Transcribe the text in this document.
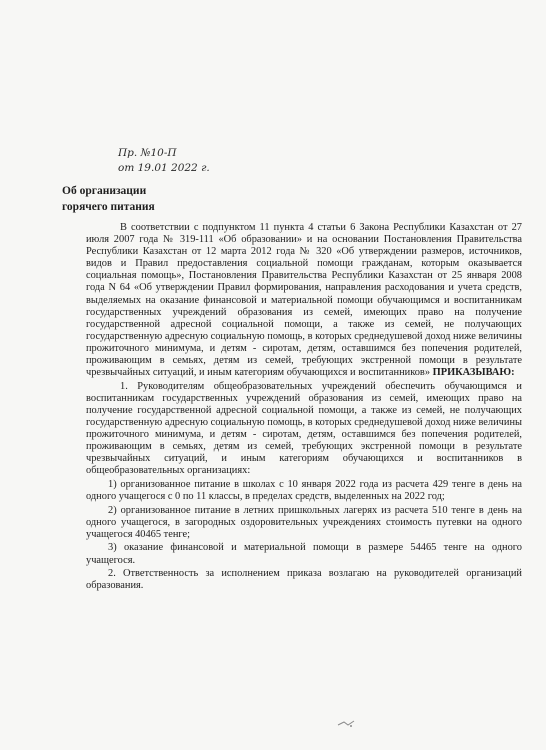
Пр. №10-П
от 19.01 2022 г.
Об организации
горячего питания

В соответствии с подпунктом 11 пункта 4 статьи 6 Закона Республики Казахстан от 27 июля 2007 года № 319-111 «Об образовании» и на основании Постановления Правительства Республики Казахстан от 12 марта 2012 года № 320 «Об утверждении размеров, источников, видов и Правил предоставления социальной помощи гражданам, которым оказывается социальная помощь», Постановления Правительства Республики Казахстан от 25 января 2008 года N 64 «Об утверждении Правил формирования, направления расходования и учета средств, выделяемых на оказание финансовой и материальной помощи обучающимся и воспитанникам государственных учреждений образования из семей, имеющих право на получение государственной адресной социальной помощи, а также из семей, не получающих государственную адресную социальную помощь, в которых среднедушевой доход ниже величины прожиточного минимума, и детям - сиротам, детям, оставшимся без попечения родителей, проживающим в семьях, детям из семей, требующих экстренной помощи в результате чрезвычайных ситуаций, и иным категориям обучающихся и воспитанников» ПРИКАЗЫВАЮ:

1. Руководителям общеобразовательных учреждений обеспечить обучающимся и воспитанникам государственных учреждений образования из семей, имеющих право на получение государственной адресной социальной помощи, а также из семей, не получающих государственную адресную социальную помощь, в которых среднедушевой доход ниже величины прожиточного минимума, и детям - сиротам, детям, оставшимся без попечения родителей, проживающим в семьях, детям из семей, требующих экстренной помощи в результате чрезвычайных ситуаций, и иным категориям обучающихся и воспитанников в общеобразовательных организациях:

1) организованное питание в школах с 10 января 2022 года из расчета 429 тенге в день на одного учащегося с 0 по 11 классы, в пределах средств, выделенных на 2022 год;

2) организованное питание в летних пришкольных лагерях из расчета 510 тенге в день на одного учащегося, в загородных оздоровительных учреждениях стоимость путевки на одного учащегося 40465 тенге;

3) оказание финансовой и материальной помощи в размере 54465 тенге на одного учащегося.

2. Ответственность за исполнением приказа возлагаю на руководителей организаций образования.
